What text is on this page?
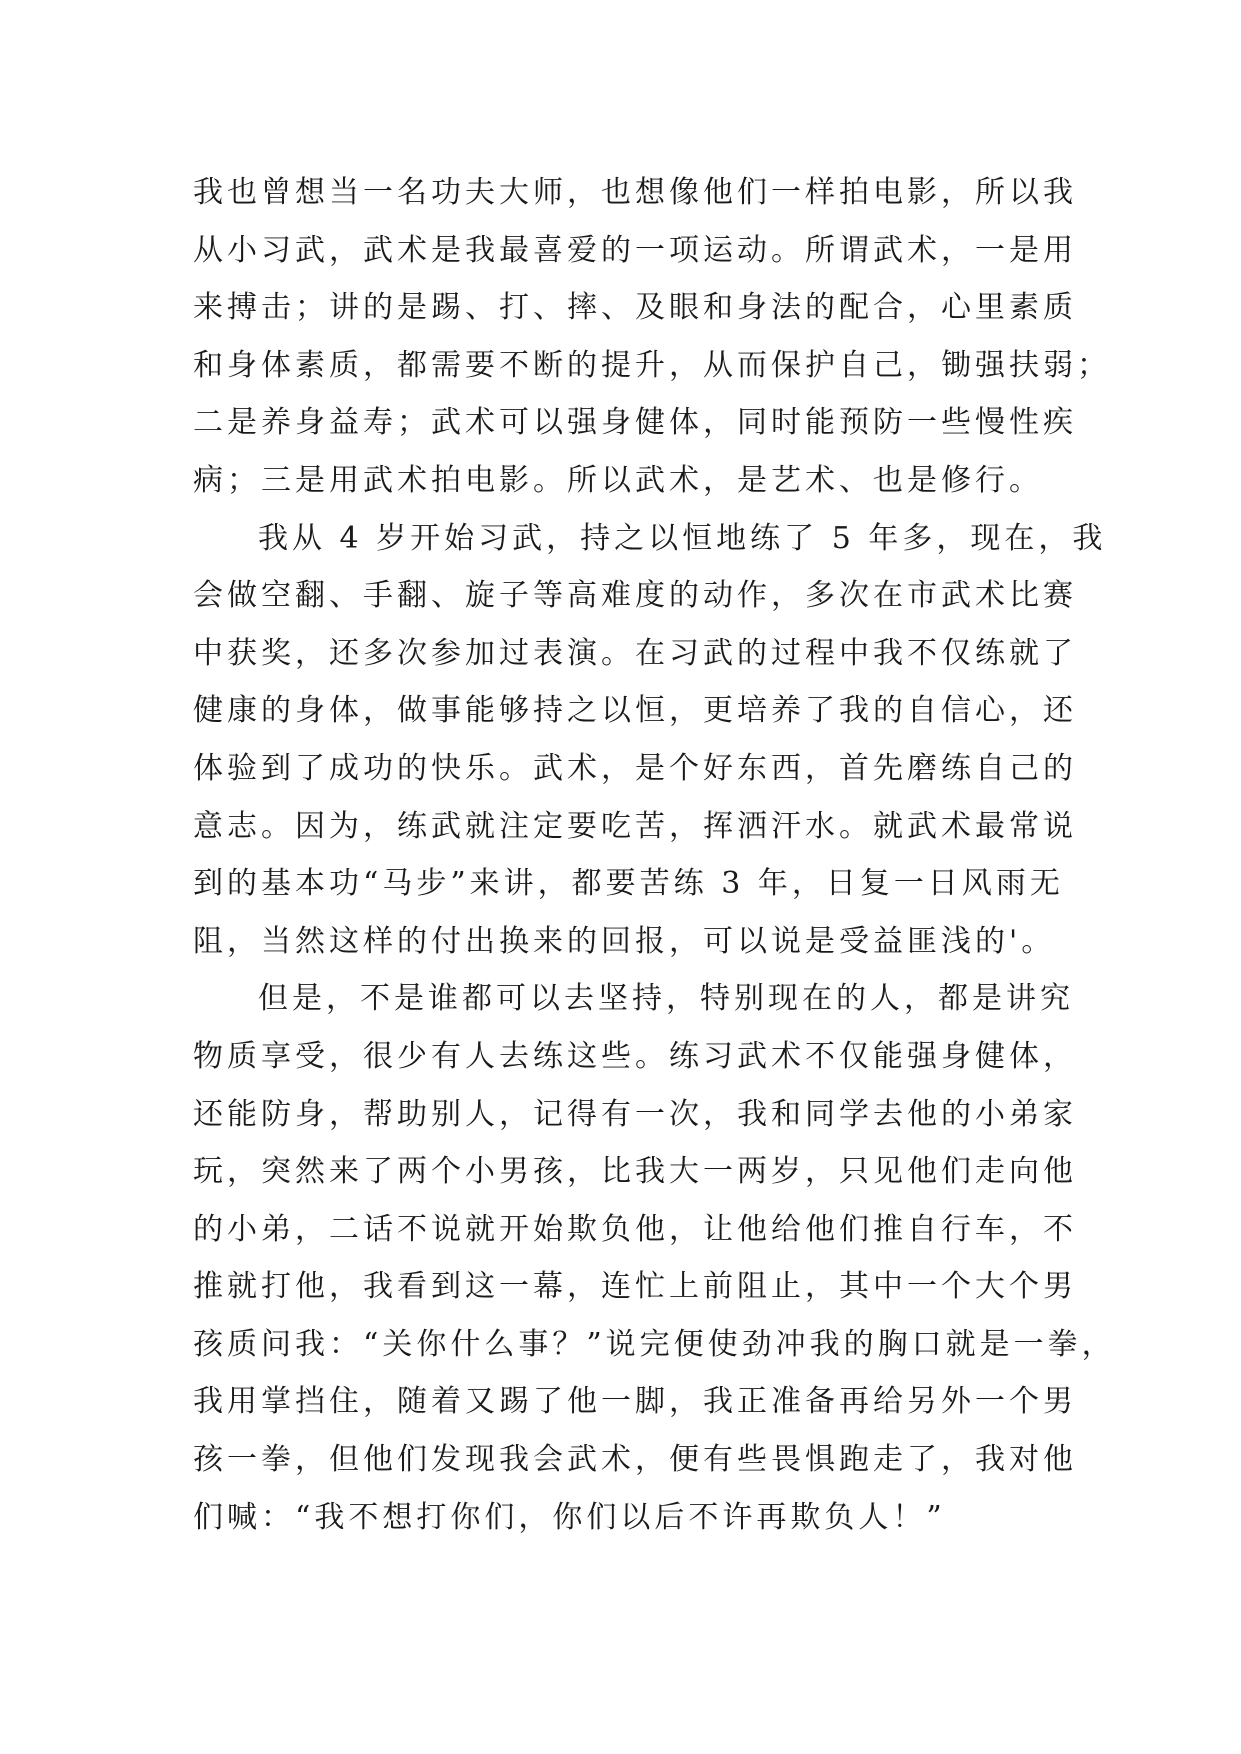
我也曾想当一名功夫大师，也想像他们一样拍电影，所以我
从小习武，武术是我最喜爱的一项运动。所谓武术，一是用
来搏击；讲的是踢、打、摔、及眼和身法的配合，心里素质
和身体素质，都需要不断的提升，从而保护自己，锄强扶弱；
二是养身益寿；武术可以强身健体，同时能预防一些慢性疾
病；三是用武术拍电影。所以武术，是艺术、也是修行。
我从 4 岁开始习武，持之以恒地练了 5 年多，现在，我
会做空翻、手翻、旋子等高难度的动作，多次在市武术比赛
中获奖，还多次参加过表演。在习武的过程中我不仅练就了
健康的身体，做事能够持之以恒，更培养了我的自信心，还
体验到了成功的快乐。武术，是个好东西，首先磨练自己的
意志。因为，练武就注定要吃苦，挥洒汗水。就武术最常说
到的基本功“马步”来讲，都要苦练 3 年，日复一日风雨无
阻，当然这样的付出换来的回报，可以说是受益匪浅的'。
但是，不是谁都可以去坚持，特别现在的人，都是讲究
物质享受，很少有人去练这些。练习武术不仅能强身健体，
还能防身，帮助别人，记得有一次，我和同学去他的小弟家
玩，突然来了两个小男孩，比我大一两岁，只见他们走向他
的小弟，二话不说就开始欺负他，让他给他们推自行车，不
推就打他，我看到这一幕，连忙上前阻止，其中一个大个男
孩质问我：“关你什么事？”说完便使劲冲我的胸口就是一拳，
我用掌挡住，随着又踢了他一脚，我正准备再给另外一个男
孩一拳，但他们发现我会武术，便有些畏惧跑走了，我对他
们喊：“我不想打你们，你们以后不许再欺负人！”
